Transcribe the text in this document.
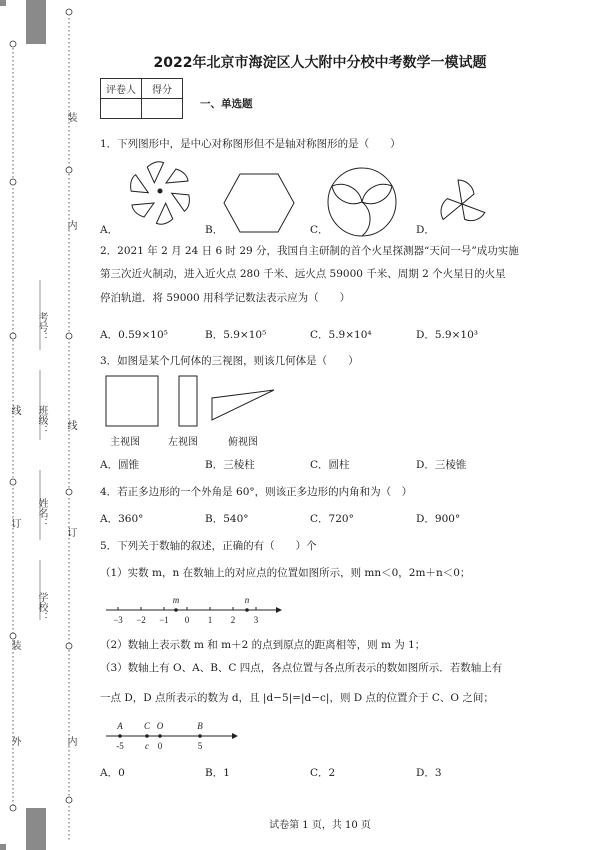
装
订
线
外
装
订
线
内
内
学校：
姓名：
班级：
考号：
2022年北京市海淀区人大附中分校中考数学一模试题
评卷人	得分

一、单选题
1．下列图形中，是中心对称图形但不是轴对称图形的是（　　）
A．	B．	C．	D．
2．2021 年 2 月 24 日 6 时 29 分，我国自主研制的首个火星探测器“天问一号”成功实施
第三次近火制动，进入近火点 280 千米、远火点 59000 千米、周期 2 个火星日的火星
停泊轨道．将 59000 用科学记数法表示应为（　　）
A．0.59×10⁵	B．5.9×10⁵	C．5.9×10⁴	D．5.9×10³
3．如图是某个几何体的三视图，则该几何体是（　　）
主视图	左视图	俯视图
A．圆锥	B．三棱柱	C．圆柱	D．三棱锥
4．若正多边形的一个外角是 60°，则该正多边形的内角和为（　）
A．360°	B．540°	C．720°	D．900°
5．下列关于数轴的叙述，正确的有（　　）个
（1）实数 m，n 在数轴上的对应点的位置如图所示，则 mn＜0，2m＋n＜0；
−3 −2 −1 0 1 2 3
m	n
（2）数轴上表示数 m 和 m＋2 的点到原点的距离相等，则 m 为 1；
（3）数轴上有 O、A、B、C 四点，各点位置与各点所表示的数如图所示．若数轴上有
一点 D，D 点所表示的数为 d，且 |d−5|=|d−c|，则 D 点的位置介于 C、O 之间；
A C O	B
-5 c 0	5
A．0	B．1	C．2	D．3
试卷第 1 页，共 10 页
